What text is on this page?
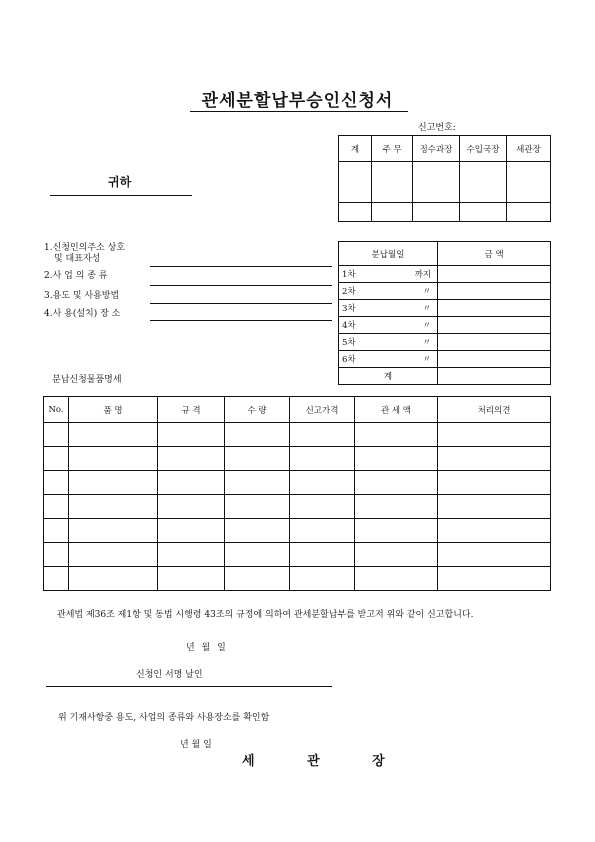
관세분할납부승인신청서
신고번호:
계	주 무	징수과장	수입국장	세관장

귀하
1.신청인의주소 상호
및 대표자성
2.사 업 의 종 류
3.용도 및 사용방법
4.사 용(설치) 장 소
분납월일	금 액
1차 까지	

2차 〃	

3차 〃	

4차 〃	

5차 〃	

6차 〃	

계	
분납신청물품명세
No.	품 명	규 격	수 량	신고가격	관 세 액	처리의견

관세법 제36조 제1항 및 동법 시행령 43조의 규정에 의하여 관세분할납부를 받고저 위와 같이 신고합니다.
년 월 일
신청인 서명 날인
위 기재사항중 용도, 사업의 종류와 사용장소를 확인함
년 월 일
세 관 장
